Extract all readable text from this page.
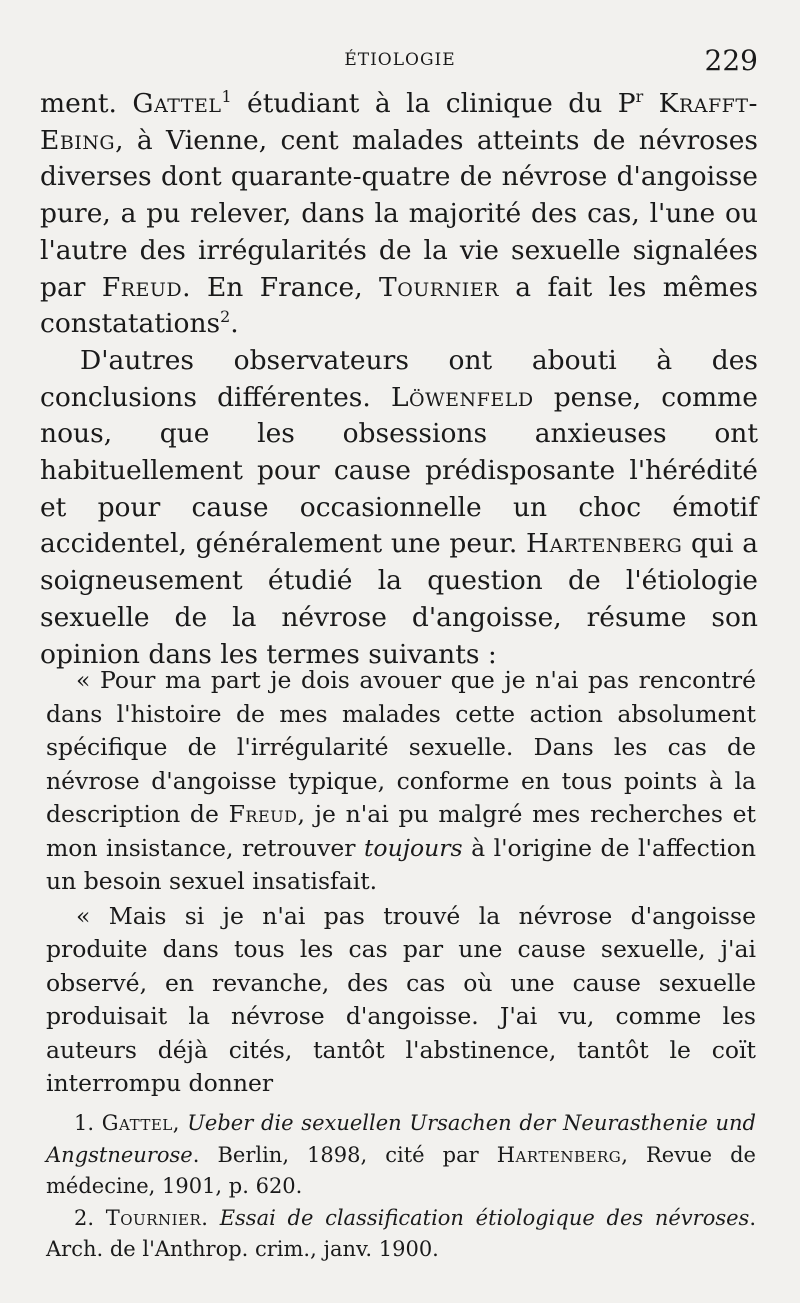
ÉTIOLOGIE	229

ment. Gattel$^1$ étudiant à la clinique du $P^r$ Krafft-Ebing, à Vienne, cent malades atteints de névroses diverses dont quarante-quatre de névrose d'angoisse pure, a pu relever, dans la majorité des cas, l'une ou l'autre des irrégularités de la vie sexuelle signalées par Freud. En France, Tournier a fait les mêmes constatations$^2$.

D'autres observateurs ont abouti à des conclusions différentes. Löwenfeld pense, comme nous, que les obsessions anxieuses ont habituellement pour cause prédisposante l'hérédité et pour cause occasionnelle un choc émotif accidentel, généralement une peur. Hartenberg qui a soigneusement étudié la question de l'étiologie sexuelle de la névrose d'angoisse, résume son opinion dans les termes suivants :

« Pour ma part je dois avouer que je n'ai pas rencontré dans l'histoire de mes malades cette action absolument spécifique de l'irrégularité sexuelle. Dans les cas de névrose d'angoisse typique, conforme en tous points à la description de Freud, je n'ai pu malgré mes recherches et mon insistance, retrouver toujours à l'origine de l'affection un besoin sexuel insatisfait.

« Mais si je n'ai pas trouvé la névrose d'angoisse produite dans tous les cas par une cause sexuelle, j'ai observé, en revanche, des cas où une cause sexuelle produisait la névrose d'angoisse. J'ai vu, comme les auteurs déjà cités, tantôt l'abstinence, tantôt le coït interrompu donner

1. Gattel, Ueber die sexuellen Ursachen der Neurasthenie und Angstneurose. Berlin, 1898, cité par Hartenberg, Revue de médecine, 1901, p. 620.

2. Tournier. Essai de classification étiologique des névroses. Arch. de l'Anthrop. crim., janv. 1900.
